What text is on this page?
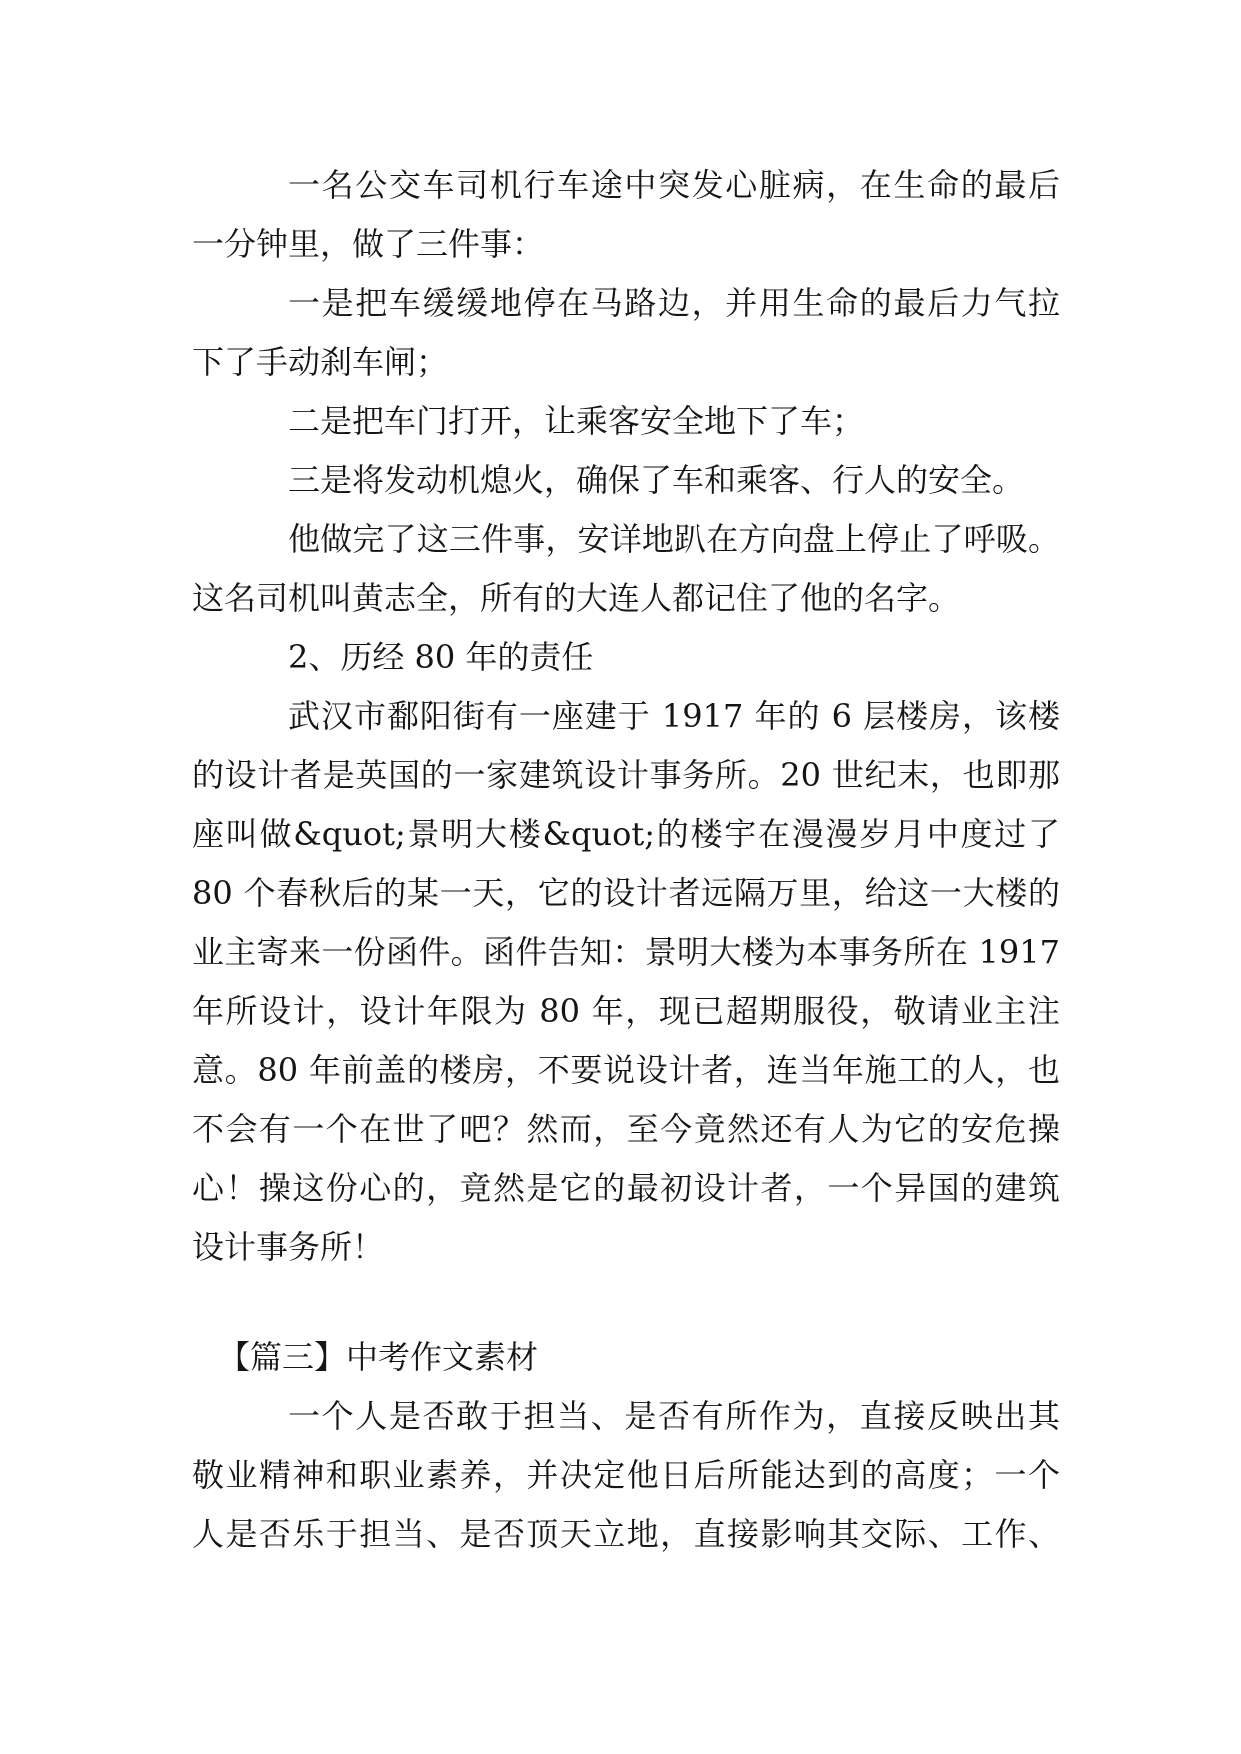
一名公交车司机行车途中突发心脏病，在生命的最后
一分钟里，做了三件事：
一是把车缓缓地停在马路边，并用生命的最后力气拉
下了手动刹车闸；
二是把车门打开，让乘客安全地下了车；
三是将发动机熄火，确保了车和乘客、行人的安全。
他做完了这三件事，安详地趴在方向盘上停止了呼吸。
这名司机叫黄志全，所有的大连人都记住了他的名字。
2、历经 80 年的责任
武汉市鄱阳街有一座建于 1917 年的 6 层楼房，该楼
的设计者是英国的一家建筑设计事务所。20 世纪末，也即那
座叫做&quot;景明大楼&quot;的楼宇在漫漫岁月中度过了
80 个春秋后的某一天，它的设计者远隔万里，给这一大楼的
业主寄来一份函件。函件告知：景明大楼为本事务所在 1917
年所设计，设计年限为 80 年，现已超期服役，敬请业主注
意。80 年前盖的楼房，不要说设计者，连当年施工的人，也
不会有一个在世了吧？然而，至今竟然还有人为它的安危操
心！操这份心的，竟然是它的最初设计者，一个异国的建筑
设计事务所！
【篇三】中考作文素材
一个人是否敢于担当、是否有所作为，直接反映出其
敬业精神和职业素养，并决定他日后所能达到的高度；一个
人是否乐于担当、是否顶天立地，直接影响其交际、工作、
